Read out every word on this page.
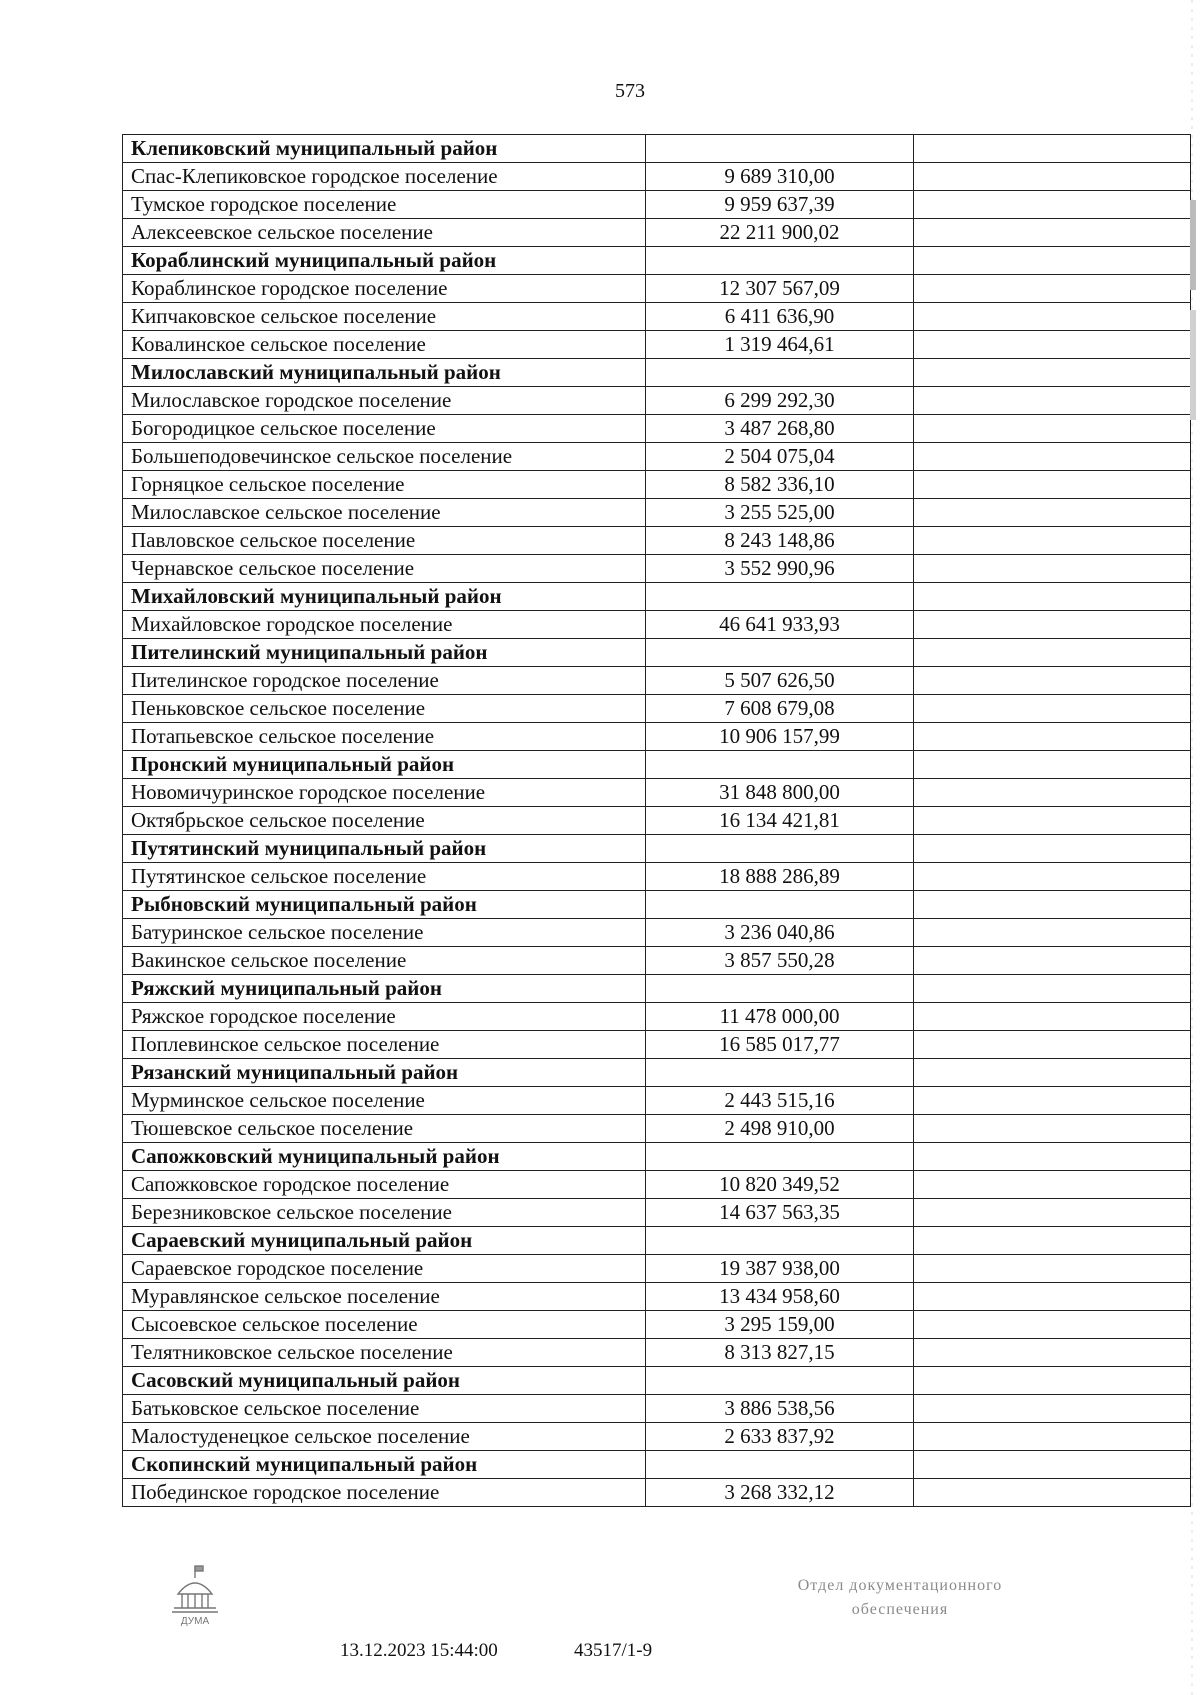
573
Клепиковский муниципальный район		
Спас-Клепиковское городское поселение	9 689 310,00	
Тумское городское поселение	9 959 637,39	
Алексеевское сельское поселение	22 211 900,02	
Кораблинский муниципальный район		
Кораблинское городское поселение	12 307 567,09	
Кипчаковское сельское поселение	6 411 636,90	
Ковалинское сельское поселение	1 319 464,61	
Милославский муниципальный район		
Милославское городское поселение	6 299 292,30	
Богородицкое сельское поселение	3 487 268,80	
Большеподовечинское сельское поселение	2 504 075,04	
Горняцкое сельское поселение	8 582 336,10	
Милославское сельское поселение	3 255 525,00	
Павловское сельское поселение	8 243 148,86	
Чернавское сельское поселение	3 552 990,96	
Михайловский муниципальный район		
Михайловское городское поселение	46 641 933,93	
Пителинский муниципальный район		
Пителинское городское поселение	5 507 626,50	
Пеньковское сельское поселение	7 608 679,08	
Потапьевское сельское поселение	10 906 157,99	
Пронский муниципальный район		
Новомичуринское городское поселение	31 848 800,00	
Октябрьское сельское поселение	16 134 421,81	
Путятинский муниципальный район		
Путятинское сельское поселение	18 888 286,89	
Рыбновский муниципальный район		
Батуринское сельское поселение	3 236 040,86	
Вакинское сельское поселение	3 857 550,28	
Ряжский муниципальный район		
Ряжское городское поселение	11 478 000,00	
Поплевинское сельское поселение	16 585 017,77	
Рязанский муниципальный район		
Мурминское сельское поселение	2 443 515,16	
Тюшевское сельское поселение	2 498 910,00	
Сапожковский муниципальный район		
Сапожковское городское поселение	10 820 349,52	
Березниковское сельское поселение	14 637 563,35	
Сараевский муниципальный район		
Сараевское городское поселение	19 387 938,00	
Муравлянское сельское поселение	13 434 958,60	
Сысоевское сельское поселение	3 295 159,00	
Телятниковское сельское поселение	8 313 827,15	
Сасовский муниципальный район		
Батьковское сельское поселение	3 886 538,56	
Малостуденецкое сельское поселение	2 633 837,92	
Скопинский муниципальный район		
Побединское городское поселение	3 268 332,12	
ДУМА
13.12.2023 15:44:00	43517/1-9
Отдел документационного
обеспечения
